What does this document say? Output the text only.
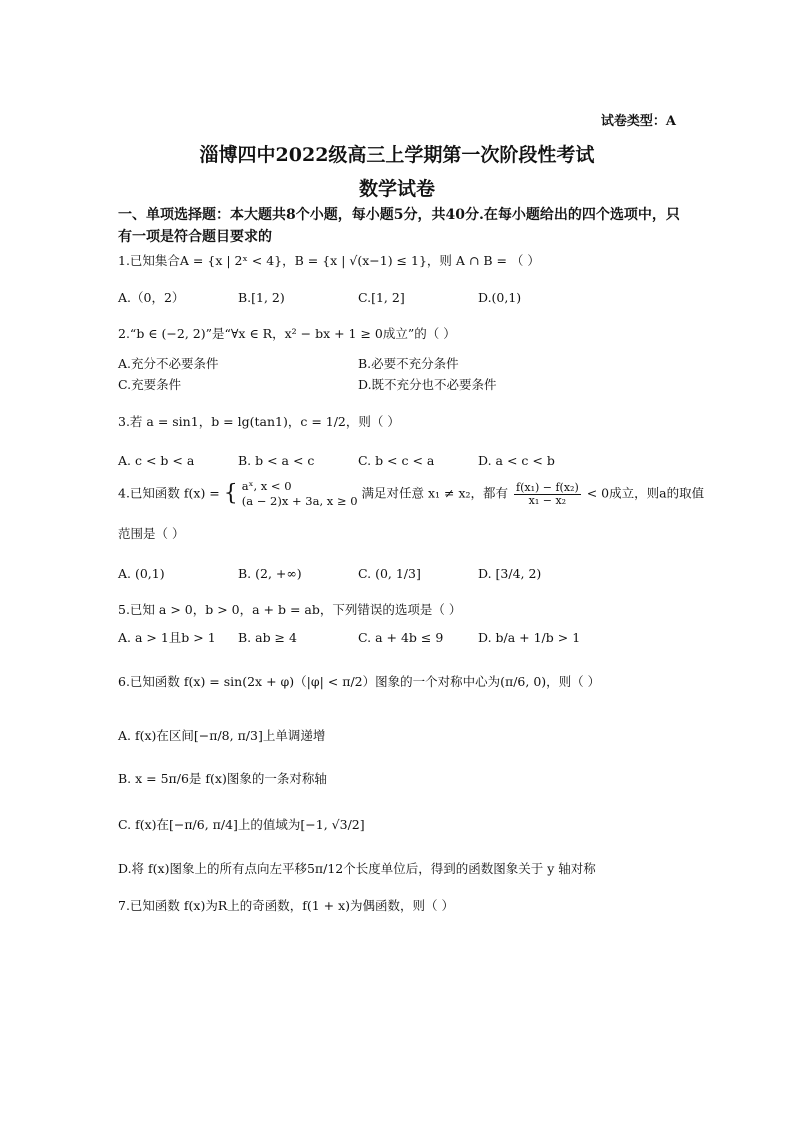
试卷类型：A
淄博四中2022级高三上学期第一次阶段性考试
数学试卷
一、单项选择题：本大题共8个小题，每小题5分，共40分.在每小题给出的四个选项中，只有一项是符合题目要求的
1.已知集合A = {x | 2ˣ < 4}，B = {x | √(x−1) ≤ 1}，则 A ∩ B = （ ）
A.（0，2）	B.[1, 2)	C.[1, 2]	D.(0,1)
2.“b ∈ (−2, 2)”是“∀x ∈ R，x² − bx + 1 ≥ 0成立”的（ ）
A.充分不必要条件	B.必要不充分条件
C.充要条件	D.既不充分也不必要条件
3.若 a = sin1，b = lg(tan1)，c = 1/2，则（ ）
A. c < b < a	B. b < a < c	C. b < c < a	D. a < c < b
4.已知函数 f(x) = { aˣ, x < 0
(a − 2)x + 3a, x ≥ 0
满足对任意 x₁ ≠ x₂，都有 $\frac{\text{f(x₁) − f(x₂)}}{\text{x₁ − x₂}} < 0$成立，则a的取值
范围是（ ）
A. (0,1)	B. (2, +∞)	C. (0, 1/3]	D. [3/4, 2)
5.已知 a > 0，b > 0，a + b = ab，下列错误的选项是（ ）
A. a > 1且b > 1 B. ab ≥ 4	C. a + 4b ≤ 9	D. b/a + 1/b > 1
6.已知函数 f(x) = sin(2x + φ)（|φ| < π/2）图象的一个对称中心为(π/6, 0)，则（ ）
A. f(x)在区间[−π/8, π/3]上单调递增
B. x = 5π/6是 f(x)图象的一条对称轴
C. f(x)在[−π/6, π/4]上的值域为[−1, √3/2]
D.将 f(x)图象上的所有点向左平移5π/12个长度单位后，得到的函数图象关于 y 轴对称
7.已知函数 f(x)为R上的奇函数，f(1 + x)为偶函数，则（ ）
